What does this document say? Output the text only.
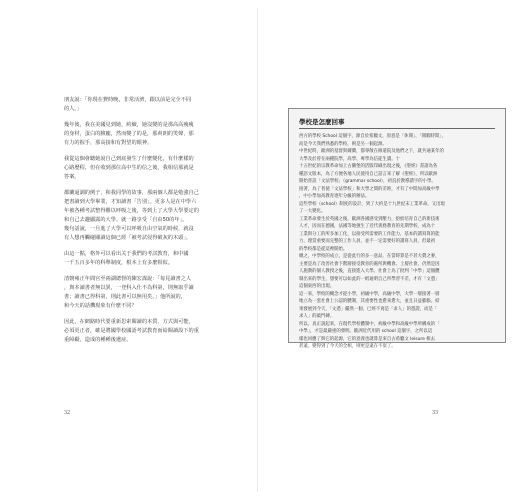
朋友說：「你現在費時晚，非常活濟，跟以前是完全不同
的人。」

幾年後，我在美國見到她，約續，她沒變的是那高高瘦瘦
的身材，蛋白的臉龐，然而變了的是，那爽朗的笑聲，那
有力的握手，那高接和有對望的眼神。

我從這個會聽她說自己到底發生了什麼變化，有什麼樣的
心路歷程，但在收到那位高中生的信之後，我相信那就是
答案。

都蘭逼調的例子，和我同學的故事，那兩個人都是勉強自己
把書讀到大學畢業，才知讀書「告別」。更多人是在中學六
年被各種考試整得難以呼吸之後，等到上了大學大學要定的
和自己去趣顯露的大學。就一路享受「自由50的年」。
幾句話說，一旦進了大學可以呼吸自由空氣的時候，就沒
有人想再觸碰關讀這個已經「被考試侵得破灰的木頭」。

由這一點，格外可以看出关于我們的考試教育，和中國
一千五百多年的科舉制度，根本上有多麼相似。

清朝雍正年間官至兩湖總督的陳宏謀說：「每見讀書之人
，與本讀書者無以異，一登科入仕不為科第，則無取乎讀
書；讀書已得科第，則此書可以無用矣。」他所說的，
和今天的話機現象有什麼不同？

因此，在網路時代要重新思索閱讀的本質、方式與可能，
必須更正者，確是將國學校國語考試教育而給閱讀設下的重
重障礙，造成的種種後遺症。

32
學校是怎麼回事

西方的學校 School 這個字，源自於希臘文，原意是「休閒」、「閒暇時間」，
而是今天我們熟悉的學校，則是另一個起源。

中世紀時，歐洲的基督與爾蘭，都零散在修道院及他們之下，就共通某年的
大學及於曾在兩種院學，高學、專學為信徒生讀。十

十五世紀的宗教革命加上古騰堡的活版印刷出現之後，《聖經》書諸為各
種語文版本，為了方便各地人民使用自己話言來了解《聖經》，所以歐洲
開始普設「文法學校」（grammar school），初直於教導讀字的小學。

接著，為了普使「文法學校」和大學之間的差距，才有了中間加高級中學
，中小學加高教育逐年分級的辦法。

這些學校（school）制度的設計，到了大約是十九世紀末工業革命，又出現
了一大變化。

工業革命發生於英國之後，歐洲各國感受到壓力，紛紛培育自己的新技術
人才，因而在德國，法國等地強生了近代義務教育的先期學校，成為十
工業與分工的所多加工化，以接受所需要的工作能力，基本的讀寫算的能
力，理當重要而完整的工作人員，並不一定需要好的讀寫人員，但最初
的學校都是從這裡開始。

總之，中學校的成立，是從此行的多一意品，在當時算是不甚大費之麥，
主要是為了改善社會下階層接受教育的處所與機會。上層社會，仍然是因
人施教的個人教授之後，直接進入大學。社會上為了批判「中學」這個體
制出來的學生，想要可以如此的一紙通明自己所學習不差，才有「文憑」
這個東西的出現。

這一來，學校的概念才從小學，初級中學，高級中學，大學一層接著一層
地立為一套社會上公認的體制，其重要性也愈來愈大，並且日益膨脹。結
果發展到今天，「文憑」儼然一個，已經不再是「求人」的憑證，而是「
求人」的敲門磚。

所以，真正說起來，在現代學校體制中，初級中學和高級中學所構成的「
中學」，才是最嚴重的發明。歐洲近代用的 school 這個字，之所以這
樣也回應了與它的起源，它的意義也就算是來自古希臘文 leisure 相去
甚遠，變得到了今天的全相，則更是遠在不似了。

33
